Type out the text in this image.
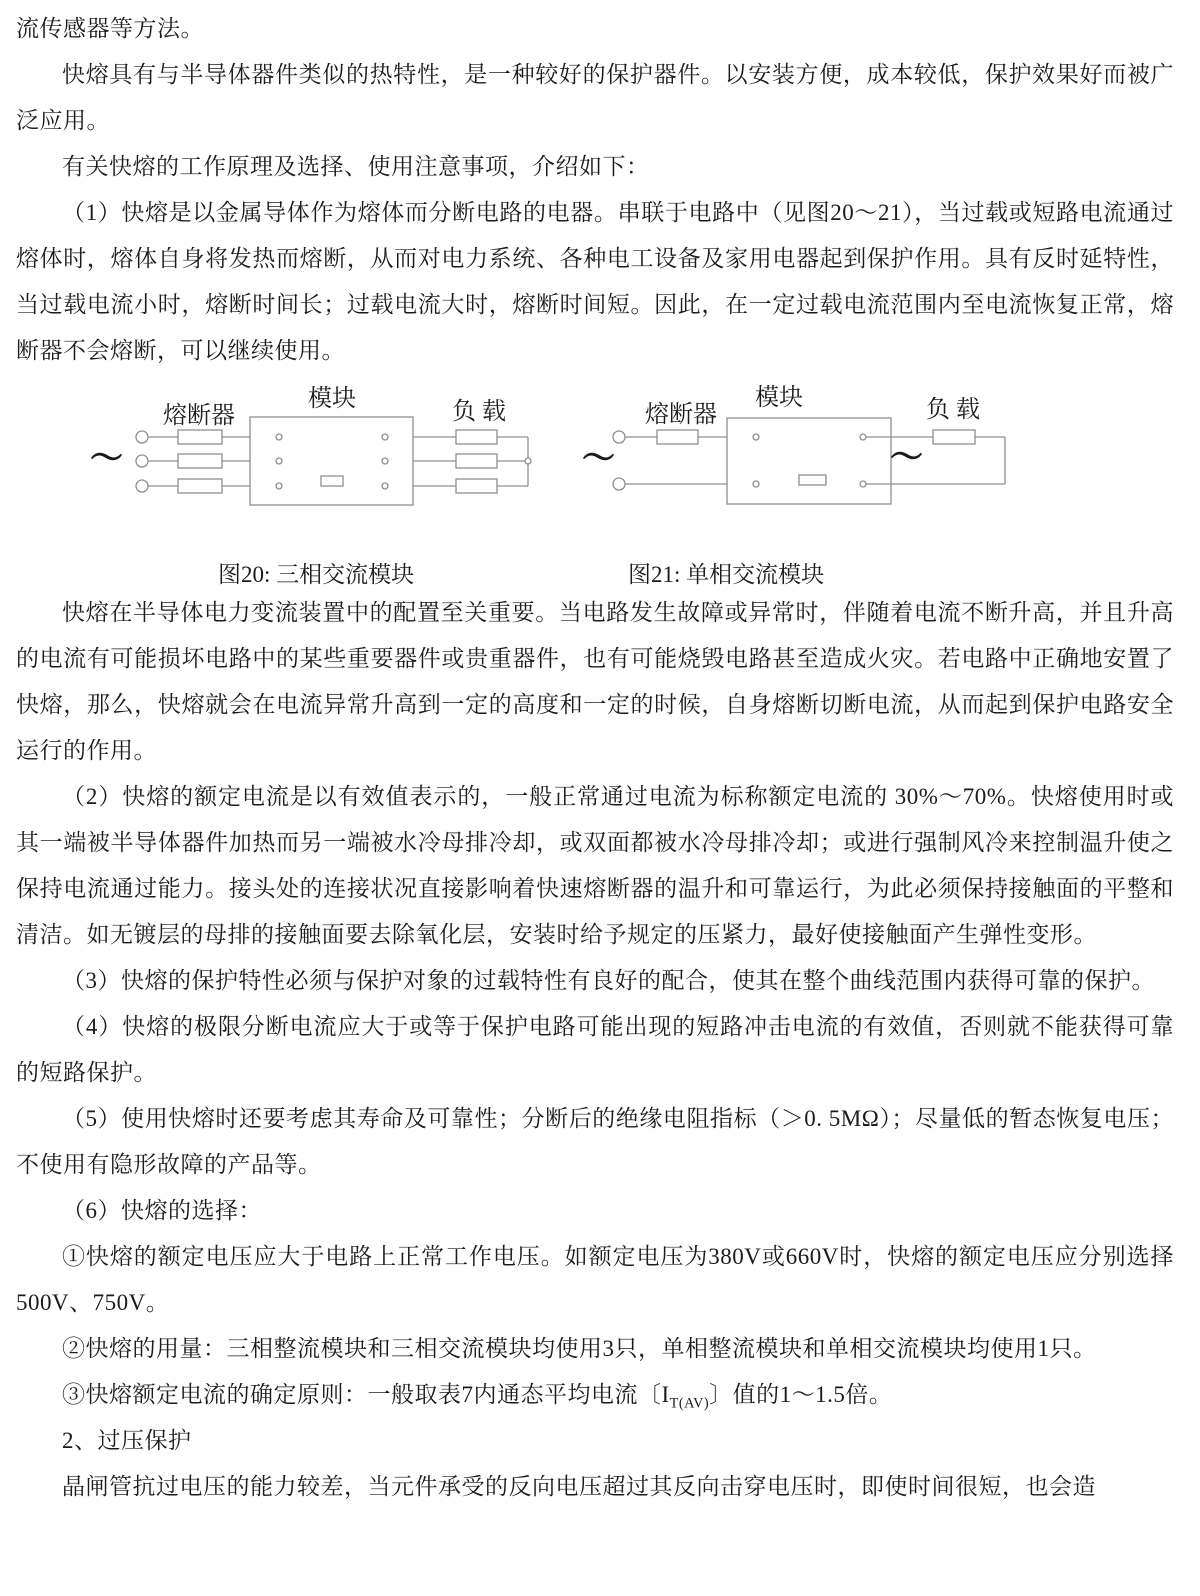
流传感器等方法。

快熔具有与半导体器件类似的热特性，是一种较好的保护器件。以安装方便，成本较低，保护效果好而被广泛应用。

有关快熔的工作原理及选择、使用注意事项，介绍如下：

（1）快熔是以金属导体作为熔体而分断电路的电器。串联于电路中（见图20～21），当过载或短路电流通过熔体时，熔体自身将发热而熔断，从而对电力系统、各种电工设备及家用电器起到保护作用。具有反时延特性，当过载电流小时，熔断时间长；过载电流大时，熔断时间短。因此，在一定过载电流范围内至电流恢复正常，熔断器不会熔断，可以继续使用。

～
熔断器
模块	负载
～	～
熔断器
模块	负载
图20: 三相交流模块	图21: 单相交流模块

快熔在半导体电力变流装置中的配置至关重要。当电路发生故障或异常时，伴随着电流不断升高，并且升高的电流有可能损坏电路中的某些重要器件或贵重器件，也有可能烧毁电路甚至造成火灾。若电路中正确地安置了快熔，那么，快熔就会在电流异常升高到一定的高度和一定的时候，自身熔断切断电流，从而起到保护电路安全运行的作用。

（2）快熔的额定电流是以有效值表示的，一般正常通过电流为标称额定电流的 30%～70%。快熔使用时或其一端被半导体器件加热而另一端被水冷母排冷却，或双面都被水冷母排冷却；或进行强制风冷来控制温升使之保持电流通过能力。接头处的连接状况直接影响着快速熔断器的温升和可靠运行，为此必须保持接触面的平整和清洁。如无镀层的母排的接触面要去除氧化层，安装时给予规定的压紧力，最好使接触面产生弹性变形。

（3）快熔的保护特性必须与保护对象的过载特性有良好的配合，使其在整个曲线范围内获得可靠的保护。

（4）快熔的极限分断电流应大于或等于保护电路可能出现的短路冲击电流的有效值，否则就不能获得可靠的短路保护。

（5）使用快熔时还要考虑其寿命及可靠性；分断后的绝缘电阻指标（＞0. 5MΩ）；尽量低的暂态恢复电压；不使用有隐形故障的产品等。

（6）快熔的选择：

①快熔的额定电压应大于电路上正常工作电压。如额定电压为380V或660V时，快熔的额定电压应分别选择500V、750V。

②快熔的用量：三相整流模块和三相交流模块均使用3只，单相整流模块和单相交流模块均使用1只。

③快熔额定电流的确定原则：一般取表7内通态平均电流〔$I_{T(AV)}$〕值的1～1.5倍。

2、过压保护

晶闸管抗过电压的能力较差，当元件承受的反向电压超过其反向击穿电压时，即使时间很短，也会造
